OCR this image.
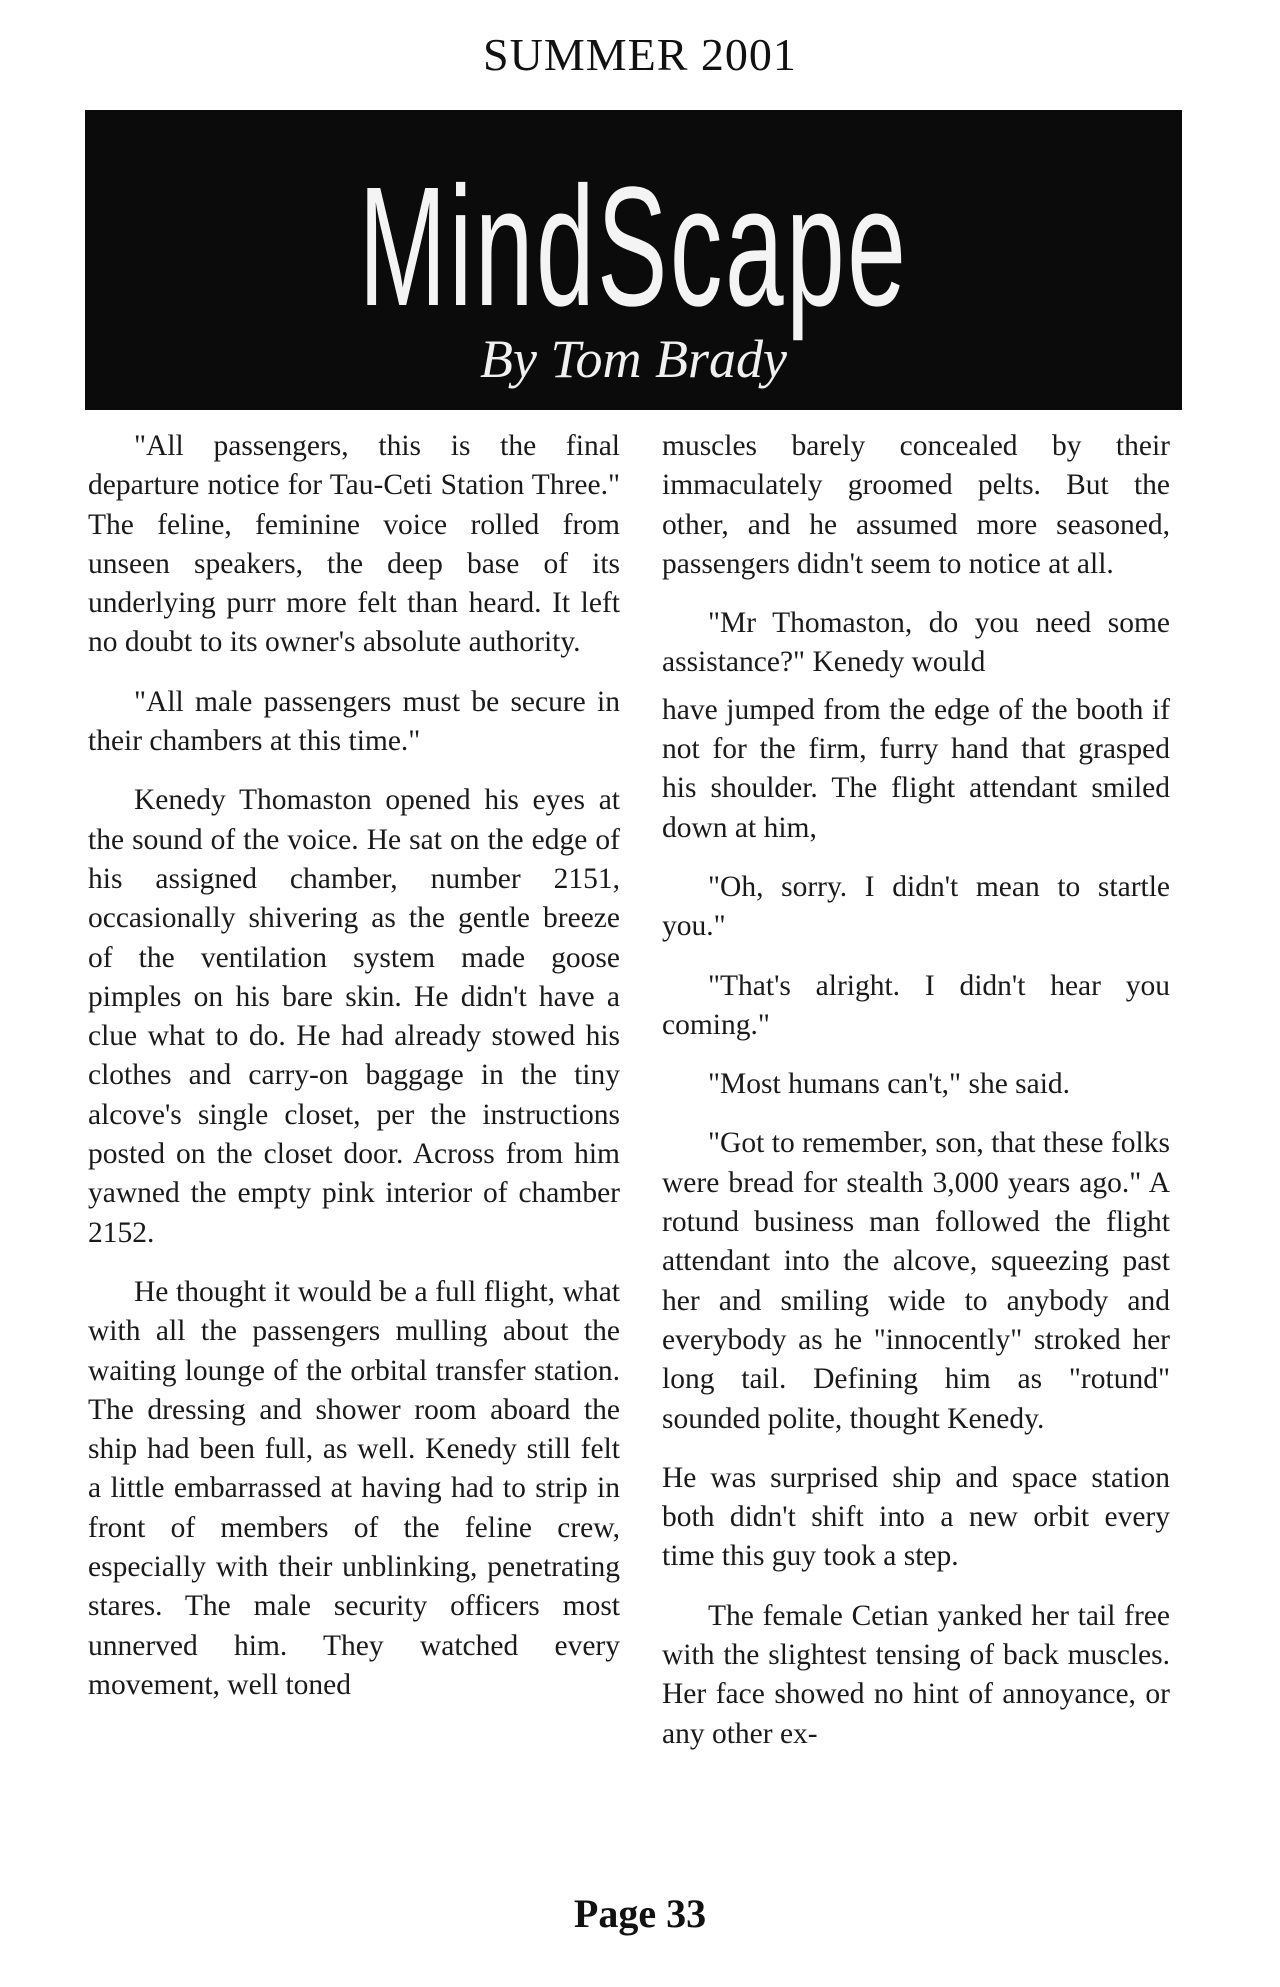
SUMMER 2001
MindScape
By Tom Brady

"All passengers, this is the final departure notice for Tau-Ceti Station Three." The feline, feminine voice rolled from unseen speakers, the deep base of its underlying purr more felt than heard. It left no doubt to its owner's absolute authority.

"All male passengers must be secure in their chambers at this time."

Kenedy Thomaston opened his eyes at the sound of the voice. He sat on the edge of his assigned chamber, number 2151, occasionally shivering as the gentle breeze of the ventilation system made goose pimples on his bare skin. He didn't have a clue what to do. He had already stowed his clothes and carry-on baggage in the tiny alcove's single closet, per the instructions posted on the closet door. Across from him yawned the empty pink interior of chamber 2152.

He thought it would be a full flight, what with all the passengers mulling about the waiting lounge of the orbital transfer station. The dressing and shower room aboard the ship had been full, as well. Kenedy still felt a little embarrassed at having had to strip in front of members of the feline crew, especially with their unblinking, penetrating stares. The male security officers most unnerved him. They watched every movement, well toned

muscles barely concealed by their immaculately groomed pelts. But the other, and he assumed more seasoned, passengers didn't seem to notice at all.

"Mr Thomaston, do you need some assistance?" Kenedy would

have jumped from the edge of the booth if not for the firm, furry hand that grasped his shoulder. The flight attendant smiled down at him,

"Oh, sorry. I didn't mean to startle you."

"That's alright. I didn't hear you coming."

"Most humans can't," she said.

"Got to remember, son, that these folks were bread for stealth 3,000 years ago." A rotund business man followed the flight attendant into the alcove, squeezing past her and smiling wide to anybody and everybody as he "innocently" stroked her long tail. Defining him as "rotund" sounded polite, thought Kenedy.

He was surprised ship and space station both didn't shift into a new orbit every time this guy took a step.

The female Cetian yanked her tail free with the slightest tensing of back muscles. Her face showed no hint of annoyance, or any other ex-

Page 33
